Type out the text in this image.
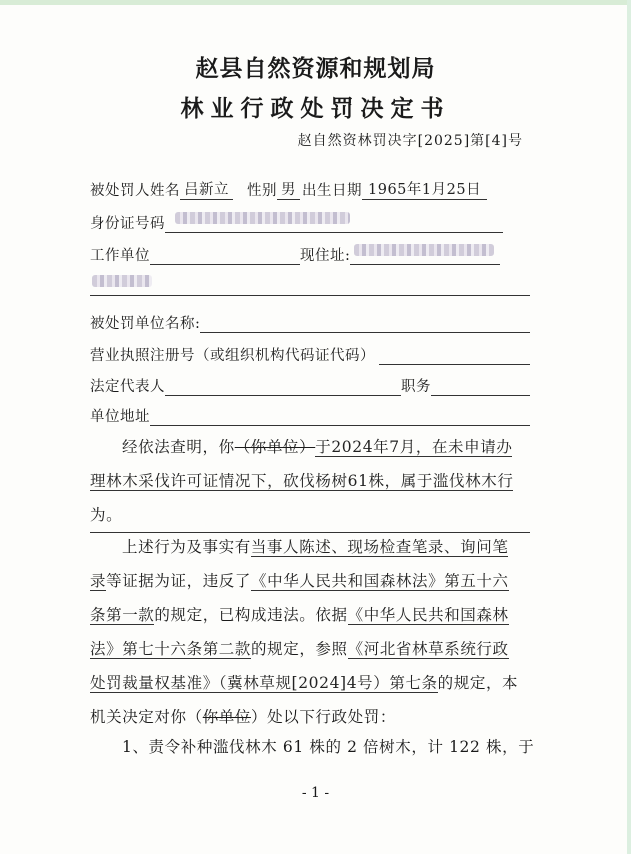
赵县自然资源和规划局
林业行政处罚决定书
赵自然资林罚决字[2025]第[4]号
被处罚人姓名 吕新立 性别 男 出生日期 1965年1月25日
身份证号码
工作单位	现住址:
被处罚单位名称:
营业执照注册号（或组织机构代码证代码）
法定代表人	职务
单位地址
经依法查明，你（你单位）于2024年7月，在未申请办
理林木采伐许可证情况下，砍伐杨树61株，属于滥伐林木行
为。
上述行为及事实有当事人陈述、现场检查笔录、询问笔
录等证据为证，违反了《中华人民共和国森林法》第五十六
条第一款的规定，已构成违法。依据《中华人民共和国森林
法》第七十六条第二款的规定，参照《河北省林草系统行政
处罚裁量权基准》（冀林草规[2024]4号）第七条的规定，本
机关决定对你（你单位）处以下行政处罚：
1、责令补种滥伐林木 61 株的 2 倍树木，计 122 株，于
- 1 -
